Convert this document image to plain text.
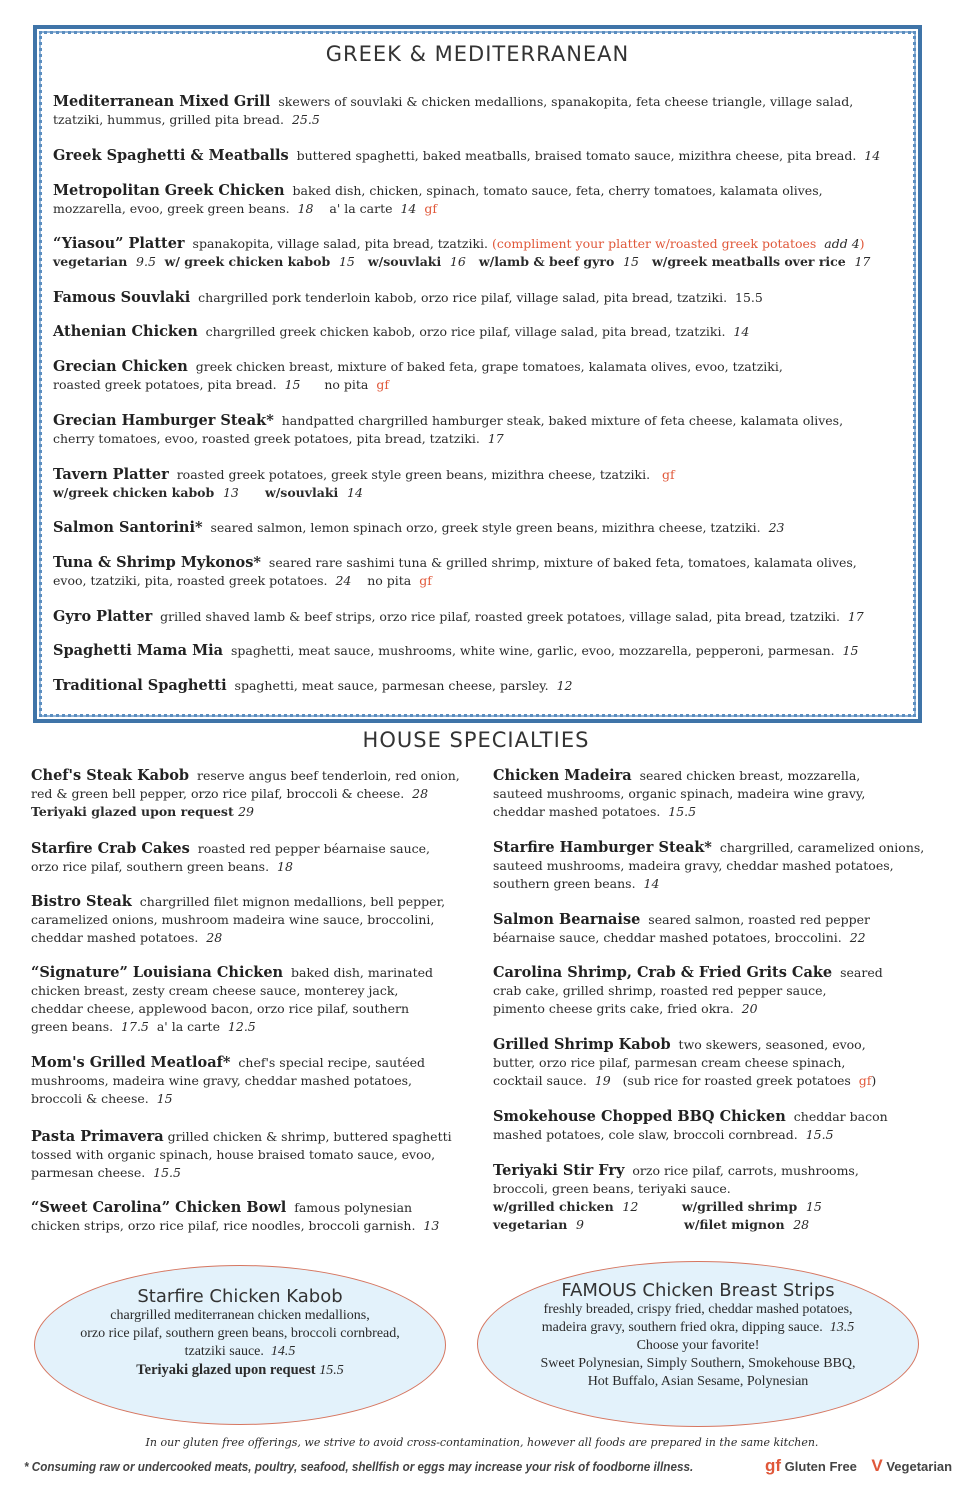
GREEK & MEDITERRANEAN
Mediterranean Mixed Grill  skewers of souvlaki & chicken medallions, spanakopita, feta cheese triangle, village salad,
tzatziki, hummus, grilled pita bread.  25.5
Greek Spaghetti & Meatballs  buttered spaghetti, baked meatballs, braised tomato sauce, mizithra cheese, pita bread.  14
Metropolitan Greek Chicken  baked dish, chicken, spinach, tomato sauce, feta, cherry tomatoes, kalamata olives,
mozzarella, evoo, greek green beans.  18    a' la carte  14  gf
“Yiasou” Platter  spanakopita, village salad, pita bread, tzatziki. (compliment your platter w/roasted greek potatoes  add 4)
vegetarian  9.5  w/ greek chicken kabob  15   w/souvlaki  16   w/lamb & beef gyro  15   w/greek meatballs over rice  17
Famous Souvlaki  chargrilled pork tenderloin kabob, orzo rice pilaf, village salad, pita bread, tzatziki.  15.5
Athenian Chicken  chargrilled greek chicken kabob, orzo rice pilaf, village salad, pita bread, tzatziki.  14
Grecian Chicken  greek chicken breast, mixture of baked feta, grape tomatoes, kalamata olives, evoo, tzatziki,
roasted greek potatoes, pita bread.  15      no pita  gf
Grecian Hamburger Steak*  handpatted chargrilled hamburger steak, baked mixture of feta cheese, kalamata olives,
cherry tomatoes, evoo, roasted greek potatoes, pita bread, tzatziki.  17
Tavern Platter  roasted greek potatoes, greek style green beans, mizithra cheese, tzatziki.   gf
w/greek chicken kabob  13      w/souvlaki  14
Salmon Santorini*  seared salmon, lemon spinach orzo, greek style green beans, mizithra cheese, tzatziki.  23
Tuna & Shrimp Mykonos*  seared rare sashimi tuna & grilled shrimp, mixture of baked feta, tomatoes, kalamata olives,
evoo, tzatziki, pita, roasted greek potatoes.  24    no pita  gf
Gyro Platter  grilled shaved lamb & beef strips, orzo rice pilaf, roasted greek potatoes, village salad, pita bread, tzatziki.  17
Spaghetti Mama Mia  spaghetti, meat sauce, mushrooms, white wine, garlic, evoo, mozzarella, pepperoni, parmesan.  15
Traditional Spaghetti  spaghetti, meat sauce, parmesan cheese, parsley.  12
HOUSE SPECIALTIES
Chef's Steak Kabob  reserve angus beef tenderloin, red onion,
red & green bell pepper, orzo rice pilaf, broccoli & cheese.  28
Teriyaki glazed upon request 29
Starfire Crab Cakes  roasted red pepper béarnaise sauce,
orzo rice pilaf, southern green beans.  18
Bistro Steak  chargrilled filet mignon medallions, bell pepper,
caramelized onions, mushroom madeira wine sauce, broccolini,
cheddar mashed potatoes.  28
“Signature” Louisiana Chicken  baked dish, marinated
chicken breast, zesty cream cheese sauce, monterey jack,
cheddar cheese, applewood bacon, orzo rice pilaf, southern
green beans.  17.5  a' la carte  12.5
Mom's Grilled Meatloaf*  chef's special recipe, sautéed
mushrooms, madeira wine gravy, cheddar mashed potatoes,
broccoli & cheese.  15
Pasta Primavera grilled chicken & shrimp, buttered spaghetti
tossed with organic spinach, house braised tomato sauce, evoo,
parmesan cheese.  15.5
“Sweet Carolina” Chicken Bowl  famous polynesian
chicken strips, orzo rice pilaf, rice noodles, broccoli garnish.  13
Chicken Madeira  seared chicken breast, mozzarella,
sauteed mushrooms, organic spinach, madeira wine gravy,
cheddar mashed potatoes.  15.5
Starfire Hamburger Steak*  chargrilled, caramelized onions,
sauteed mushrooms, madeira gravy, cheddar mashed potatoes,
southern green beans.  14
Salmon Bearnaise  seared salmon, roasted red pepper
béarnaise sauce, cheddar mashed potatoes, broccolini.  22
Carolina Shrimp, Crab & Fried Grits Cake  seared
crab cake, grilled shrimp, roasted red pepper sauce,
pimento cheese grits cake, fried okra.  20
Grilled Shrimp Kabob  two skewers, seasoned, evoo,
butter, orzo rice pilaf, parmesan cream cheese spinach,
cocktail sauce.  19   (sub rice for roasted greek potatoes  gf)
Smokehouse Chopped BBQ Chicken  cheddar bacon
mashed potatoes, cole slaw, broccoli cornbread.  15.5
Teriyaki Stir Fry  orzo rice pilaf, carrots, mushrooms,
broccoli, green beans, teriyaki sauce.
w/grilled chicken  12          w/grilled shrimp  15
vegetarian  9                       w/filet mignon  28
Starfire Chicken Kabob
chargrilled mediterranean chicken medallions,
orzo rice pilaf, southern green beans, broccoli cornbread,
tzatziki sauce.  14.5
Teriyaki glazed upon request 15.5
FAMOUS Chicken Breast Strips
freshly breaded, crispy fried, cheddar mashed potatoes,
madeira gravy, southern fried okra, dipping sauce.  13.5
Choose your favorite!
Sweet Polynesian, Simply Southern, Smokehouse BBQ,
Hot Buffalo, Asian Sesame, Polynesian
In our gluten free offerings, we strive to avoid cross-contamination, however all foods are prepared in the same kitchen.
* Consuming raw or undercooked meats, poultry, seafood, shellfish or eggs may increase your risk of foodborne illness.	gf Gluten Free V Vegetarian
